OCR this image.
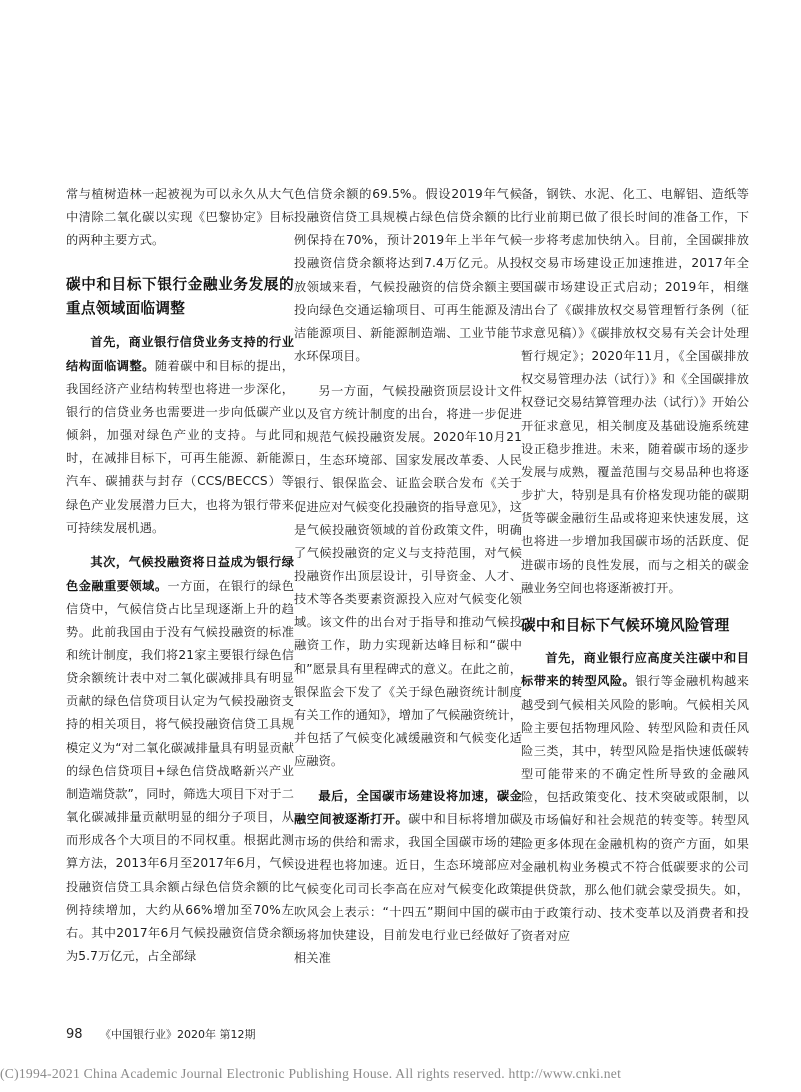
常与植树造林一起被视为可以永久从大气中清除二氧化碳以实现《巴黎协定》目标的两种主要方式。

碳中和目标下银行金融业务发展的重点领域面临调整

首先，商业银行信贷业务支持的行业结构面临调整。随着碳中和目标的提出，我国经济产业结构转型也将进一步深化，银行的信贷业务也需要进一步向低碳产业倾斜，加强对绿色产业的支持。与此同时，在减排目标下，可再生能源、新能源汽车、碳捕获与封存（CCS/BECCS）等绿色产业发展潜力巨大，也将为银行带来可持续发展机遇。

其次，气候投融资将日益成为银行绿色金融重要领域。一方面，在银行的绿色信贷中，气候信贷占比呈现逐渐上升的趋势。此前我国由于没有气候投融资的标准和统计制度，我们将21家主要银行绿色信贷余额统计表中对二氧化碳减排具有明显贡献的绿色信贷项目认定为气候投融资支持的相关项目，将气候投融资信贷工具规模定义为“对二氧化碳减排量具有明显贡献的绿色信贷项目+绿色信贷战略新兴产业制造端贷款”，同时，筛选大项目下对于二氧化碳减排量贡献明显的细分子项目，从而形成各个大项目的不同权重。根据此测算方法，2013年6月至2017年6月，气候投融资信贷工具余额占绿色信贷余额的比例持续增加，大约从66%增加至70%左右。其中2017年6月气候投融资信贷余额为5.7万亿元，占全部绿

色信贷余额的69.5%。假设2019年气候投融资信贷工具规模占绿色信贷余额的比例保持在70%，预计2019年上半年气候投融资信贷余额将达到7.4万亿元。从投放领域来看，气候投融资的信贷余额主要投向绿色交通运输项目、可再生能源及清洁能源项目、新能源制造端、工业节能节水环保项目。

另一方面，气候投融资顶层设计文件以及官方统计制度的出台，将进一步促进和规范气候投融资发展。2020年10月21日，生态环境部、国家发展改革委、人民银行、银保监会、证监会联合发布《关于促进应对气候变化投融资的指导意见》，这是气候投融资领域的首份政策文件，明确了气候投融资的定义与支持范围，对气候投融资作出顶层设计，引导资金、人才、技术等各类要素资源投入应对气候变化领域。该文件的出台对于指导和推动气候投融资工作，助力实现新达峰目标和“碳中和”愿景具有里程碑式的意义。在此之前，银保监会下发了《关于绿色融资统计制度有关工作的通知》，增加了气候融资统计，并包括了气候变化减缓融资和气候变化适应融资。

最后，全国碳市场建设将加速，碳金融空间被逐渐打开。碳中和目标将增加碳市场的供给和需求，我国全国碳市场的建设进程也将加速。近日，生态环境部应对气候变化司司长李高在应对气候变化政策吹风会上表示：“十四五”期间中国的碳市场将加快建设，目前发电行业已经做好了相关准

备，钢铁、水泥、化工、电解铝、造纸等行业前期已做了很长时间的准备工作，下一步将考虑加快纳入。目前，全国碳排放权交易市场建设正加速推进，2017年全国碳市场建设正式启动；2019年，相继出台了《碳排放权交易管理暂行条例（征求意见稿）》《碳排放权交易有关会计处理暂行规定》；2020年11月，《全国碳排放权交易管理办法（试行）》和《全国碳排放权登记交易结算管理办法（试行）》开始公开征求意见，相关制度及基础设施系统建设正稳步推进。未来，随着碳市场的逐步发展与成熟，覆盖范围与交易品种也将逐步扩大，特别是具有价格发现功能的碳期货等碳金融衍生品或将迎来快速发展，这也将进一步增加我国碳市场的活跃度、促进碳市场的良性发展，而与之相关的碳金融业务空间也将逐渐被打开。

碳中和目标下气候环境风险管理

首先，商业银行应高度关注碳中和目标带来的转型风险。银行等金融机构越来越受到气候相关风险的影响。气候相关风险主要包括物理风险、转型风险和责任风险三类，其中，转型风险是指快速低碳转型可能带来的不确定性所导致的金融风险，包括政策变化、技术突破或限制，以及市场偏好和社会规范的转变等。转型风险更多体现在金融机构的资产方面，如果金融机构业务模式不符合低碳要求的公司提供贷款，那么他们就会蒙受损失。如，由于政策行动、技术变革以及消费者和投资者对应

98 《中国银行业》2020年 第12期
(C)1994-2021 China Academic Journal Electronic Publishing House. All rights reserved. http://www.cnki.net
